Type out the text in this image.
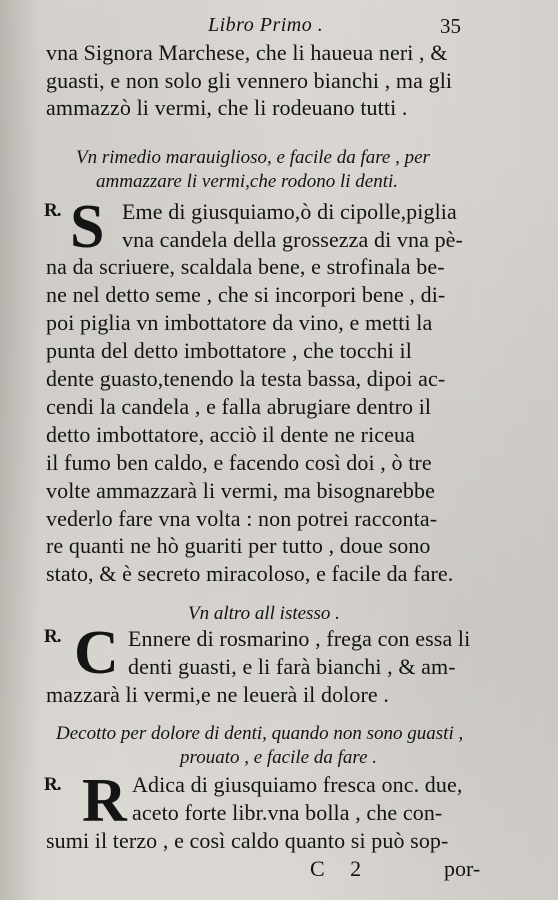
Libro Primo .	35
vna Signora Marchese, che li haueua neri , &
guasti, e non solo gli vennero bianchi , ma gli
ammazzò li vermi, che li rodeuano tutti .
Vn rimedio marauiglioso, e facile da fare , per
ammazzare li vermi,che rodono li denti.
R. S Eme di giusquiamo,ò di cipolle,piglia
vna candela della grossezza di vna pè-
na da scriuere, scaldala bene, e strofinala be-
ne nel detto seme , che si incorpori bene , di-
poi piglia vn imbottatore da vino, e metti la
punta del detto imbottatore , che tocchi il
dente guasto,tenendo la testa bassa, dipoi ac-
cendi la candela , e falla abrugiare dentro il
detto imbottatore, acciò il dente ne riceua
il fumo ben caldo, e facendo così doi , ò tre
volte ammazzarà li vermi, ma bisognarebbe
vederlo fare vna volta : non potrei racconta-
re quanti ne hò guariti per tutto , doue sono
stato, & è secreto miracoloso, e facile da fare.
Vn altro all istesso .
R. C Ennere di rosmarino , frega con essa li
denti guasti, e li farà bianchi , & am-
mazzarà li vermi,e ne leuerà il dolore .
Decotto per dolore di denti, quando non sono guasti ,
prouato , e facile da fare .
R. R Adica di giusquiamo fresca onc. due,
aceto forte libr.vna bolla , che con-
sumi il terzo , e così caldo quanto si può sop-
C 2	por-
